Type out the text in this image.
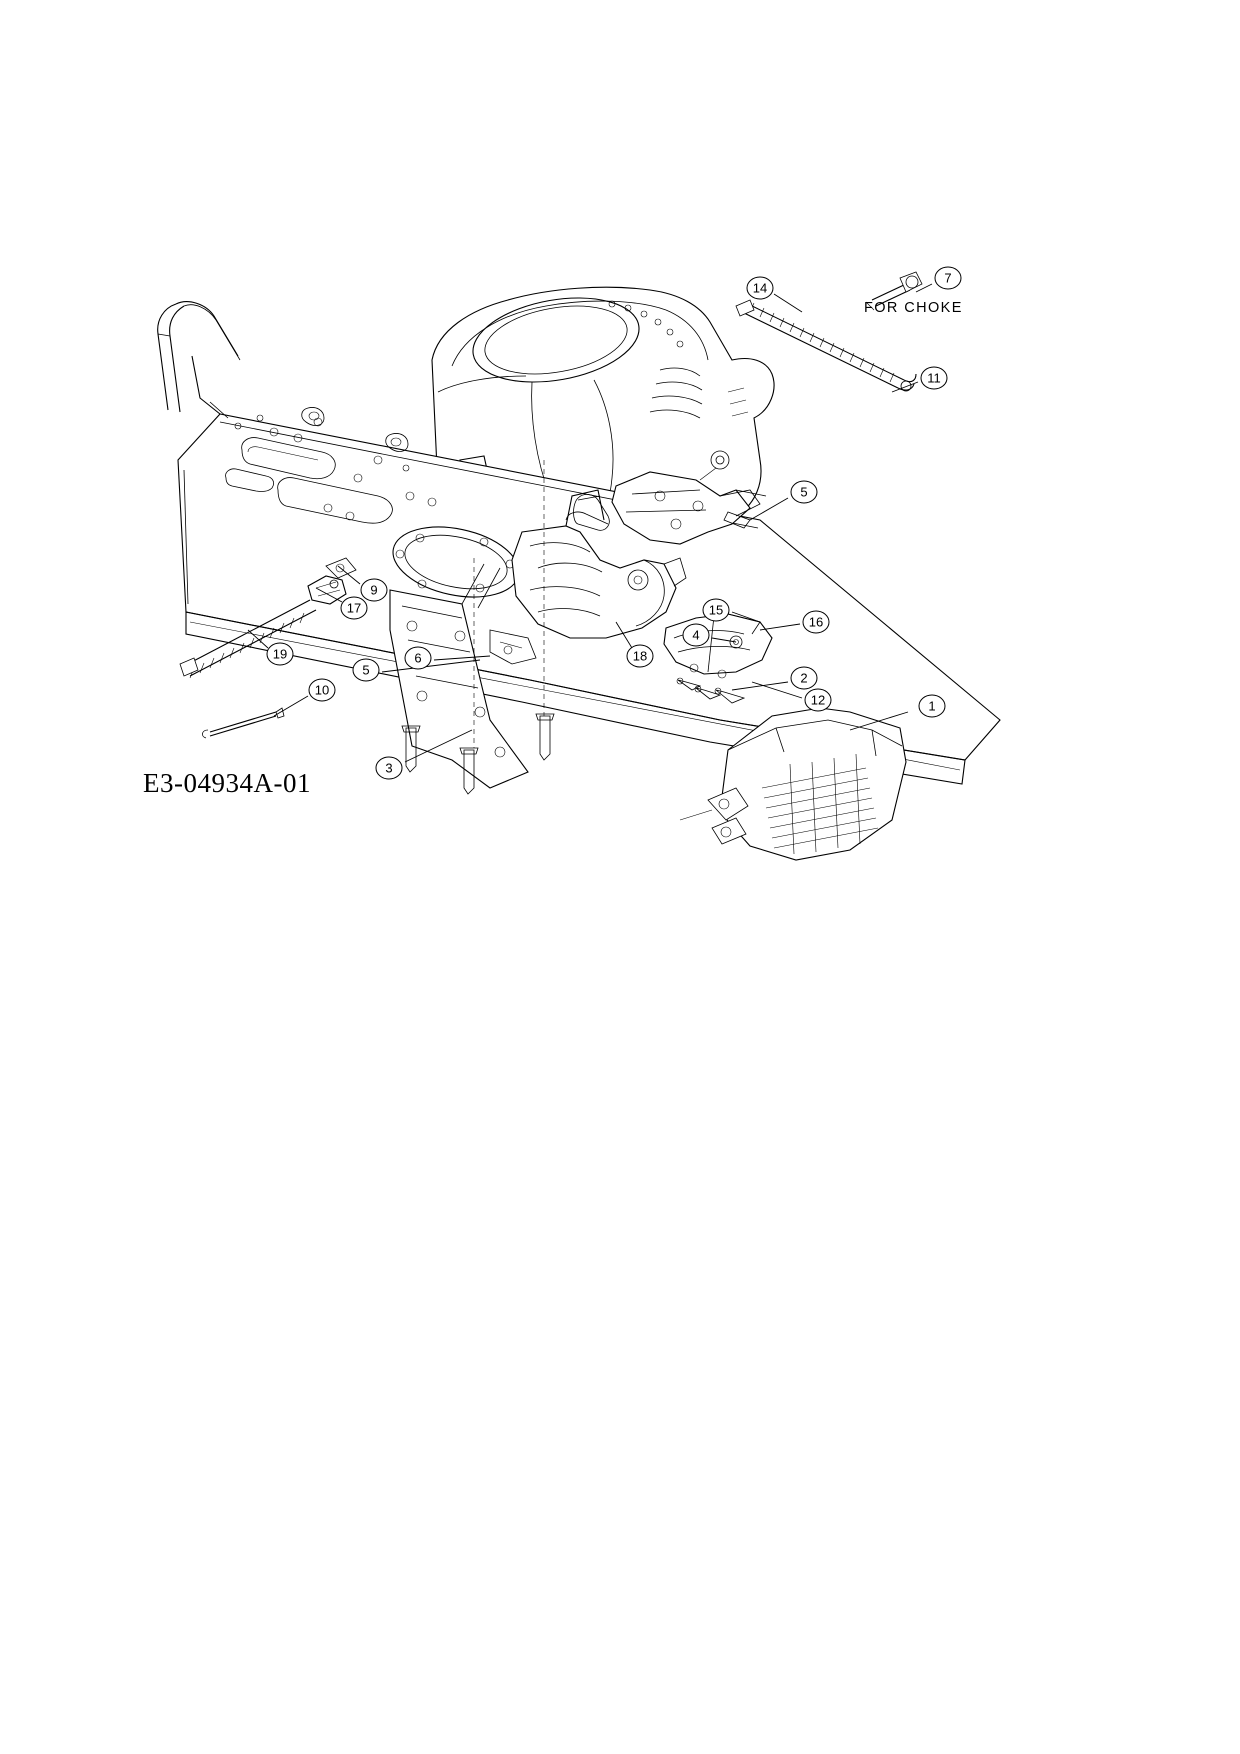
1
2
3
4
5
5
6
7
9
10
11
12
14
15
16
17
18
19
E3-04934A-01
FOR CHOKE
